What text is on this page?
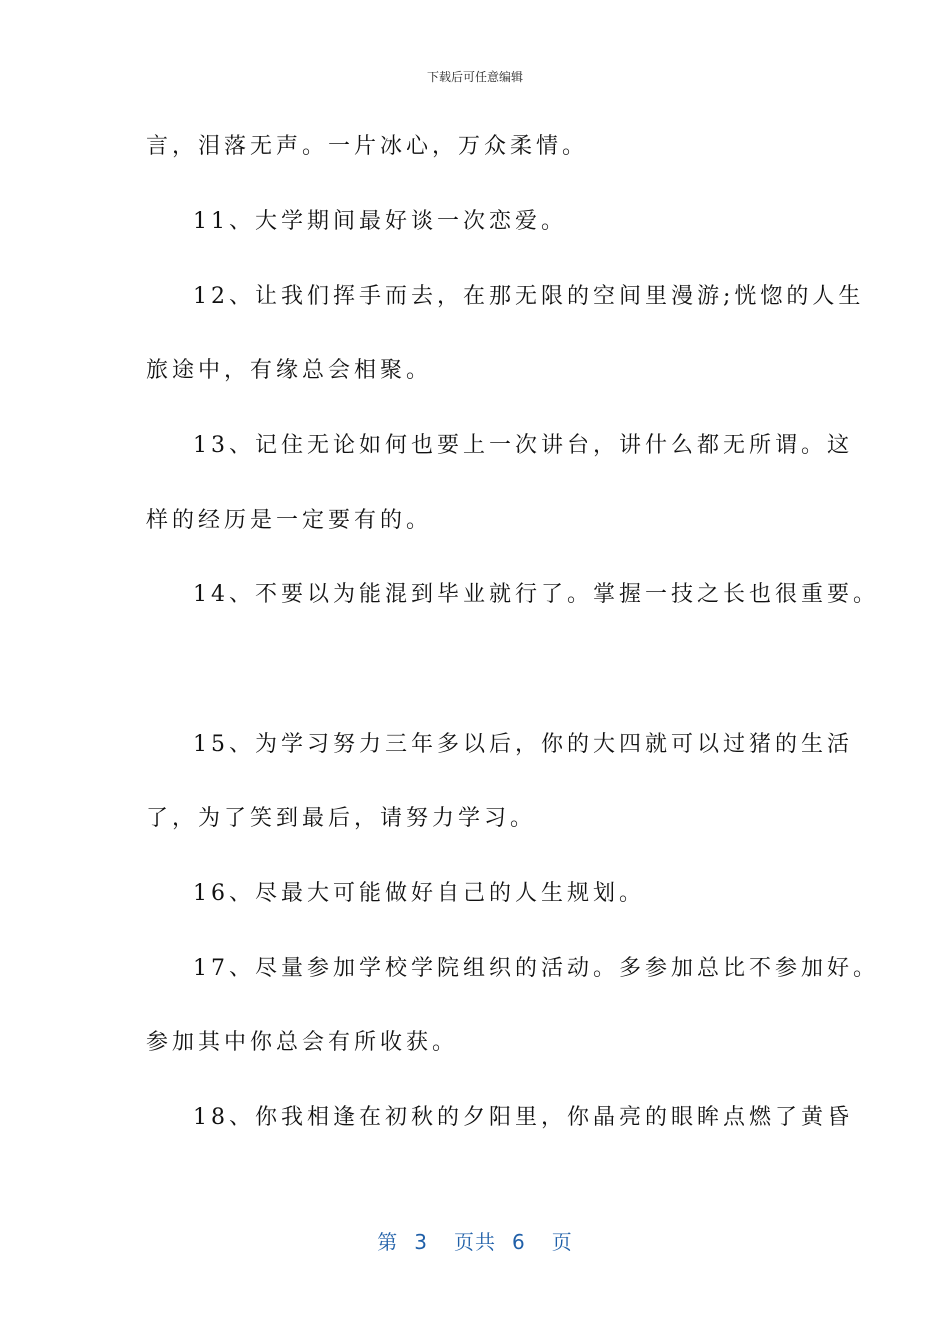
下载后可任意编辑
言，泪落无声。一片冰心，万众柔情。
11、大学期间最好谈一次恋爱。
12、让我们挥手而去，在那无限的空间里漫游;恍惚的人生
旅途中，有缘总会相聚。
13、记住无论如何也要上一次讲台，讲什么都无所谓。这
样的经历是一定要有的。
14、不要以为能混到毕业就行了。掌握一技之长也很重要。
15、为学习努力三年多以后，你的大四就可以过猪的生活
了，为了笑到最后，请努力学习。
16、尽最大可能做好自己的人生规划。
17、尽量参加学校学院组织的活动。多参加总比不参加好。
参加其中你总会有所收获。
18、你我相逢在初秋的夕阳里，你晶亮的眼眸点燃了黄昏
第 3 页共 6 页
